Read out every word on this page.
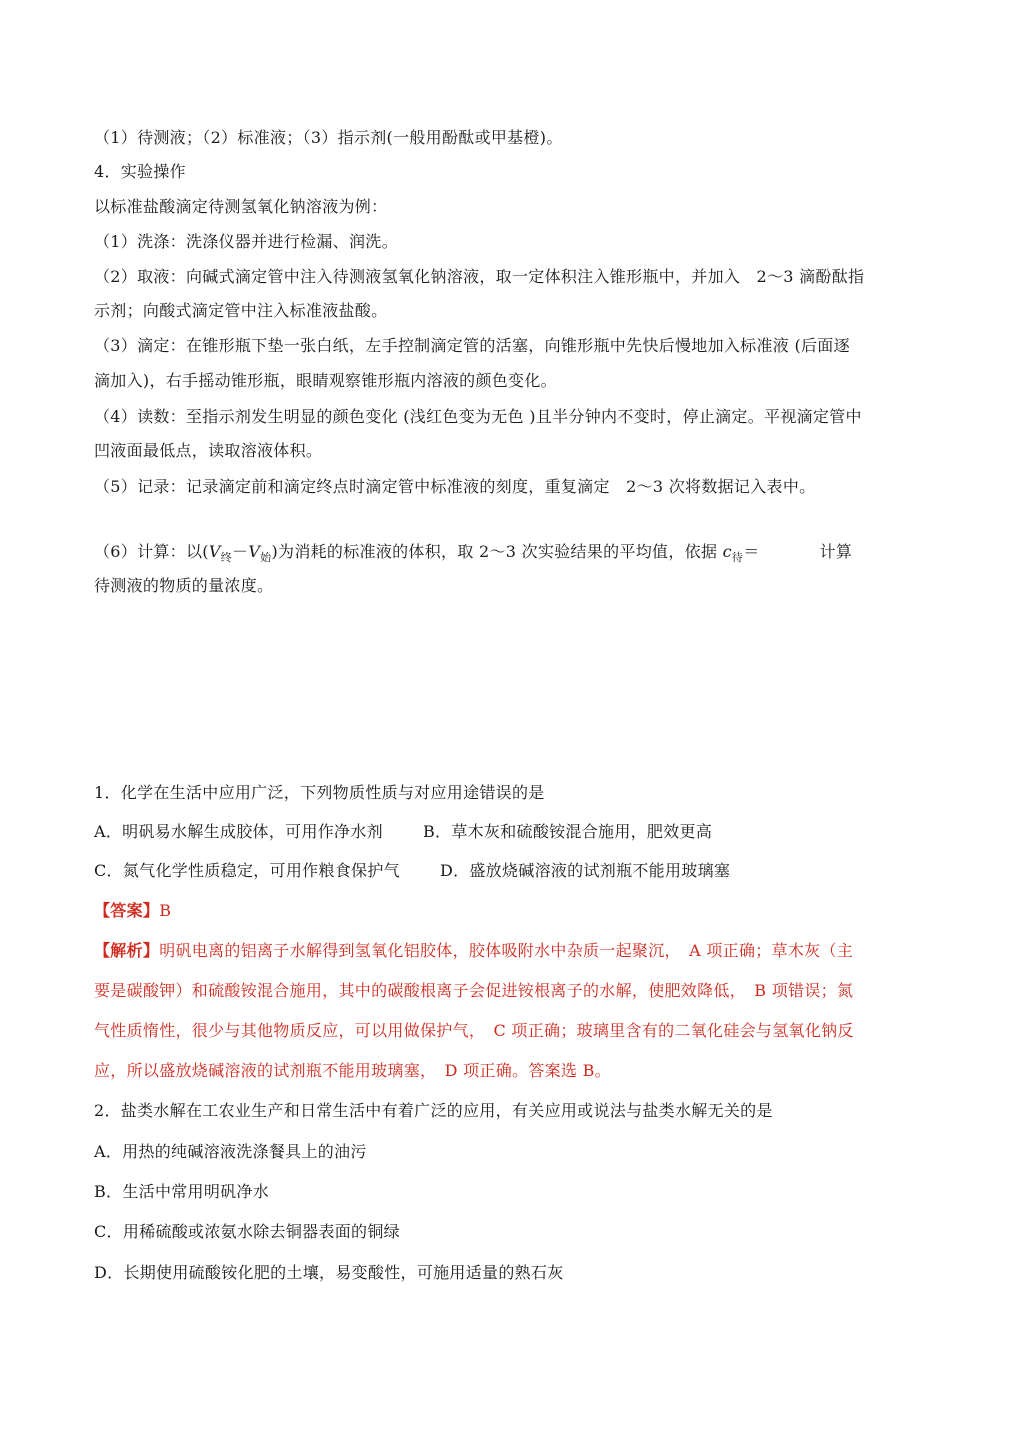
（1）待测液；（2）标准液；（3）指示剂(一般用酚酞或甲基橙)。
4．实验操作
以标准盐酸滴定待测氢氧化钠溶液为例：
（1）洗涤：洗涤仪器并进行检漏、润洗。
（2）取液：向碱式滴定管中注入待测液氢氧化钠溶液，取一定体积注入锥形瓶中，并加入　2～3 滴酚酞指
示剂；向酸式滴定管中注入标准液盐酸。
（3）滴定：在锥形瓶下垫一张白纸，左手控制滴定管的活塞，向锥形瓶中先快后慢地加入标准液 (后面逐
滴加入)，右手摇动锥形瓶，眼睛观察锥形瓶内溶液的颜色变化。
（4）读数：至指示剂发生明显的颜色变化 (浅红色变为无色 )且半分钟内不变时，停止滴定。平视滴定管中
凹液面最低点，读取溶液体积。
（5）记录：记录滴定前和滴定终点时滴定管中标准液的刻度，重复滴定　2～3 次将数据记入表中。
（6）计算：以$(V_终-V_始)$为消耗的标准液的体积，取 2～3 次实验结果的平均值，依据 $c_待=$	计算
待测液的物质的量浓度。
1．化学在生活中应用广泛，下列物质性质与对应用途错误的是
A．明矾易水解生成胶体，可用作净水剂	B．草木灰和硫酸铵混合施用，肥效更高
C．氮气化学性质稳定，可用作粮食保护气	D．盛放烧碱溶液的试剂瓶不能用玻璃塞
【答案】B
【解析】明矾电离的铝离子水解得到氢氧化铝胶体，胶体吸附水中杂质一起聚沉，　A 项正确；草木灰（主
要是碳酸钾）和硫酸铵混合施用，其中的碳酸根离子会促进铵根离子的水解，使肥效降低，　B 项错误；氮
气性质惰性，很少与其他物质反应，可以用做保护气，　C 项正确；玻璃里含有的二氧化硅会与氢氧化钠反
应，所以盛放烧碱溶液的试剂瓶不能用玻璃塞，　D 项正确。答案选 B。
2．盐类水解在工农业生产和日常生活中有着广泛的应用，有关应用或说法与盐类水解无关的是
A．用热的纯碱溶液洗涤餐具上的油污
B．生活中常用明矾净水
C．用稀硫酸或浓氨水除去铜器表面的铜绿
D．长期使用硫酸铵化肥的土壤，易变酸性，可施用适量的熟石灰
